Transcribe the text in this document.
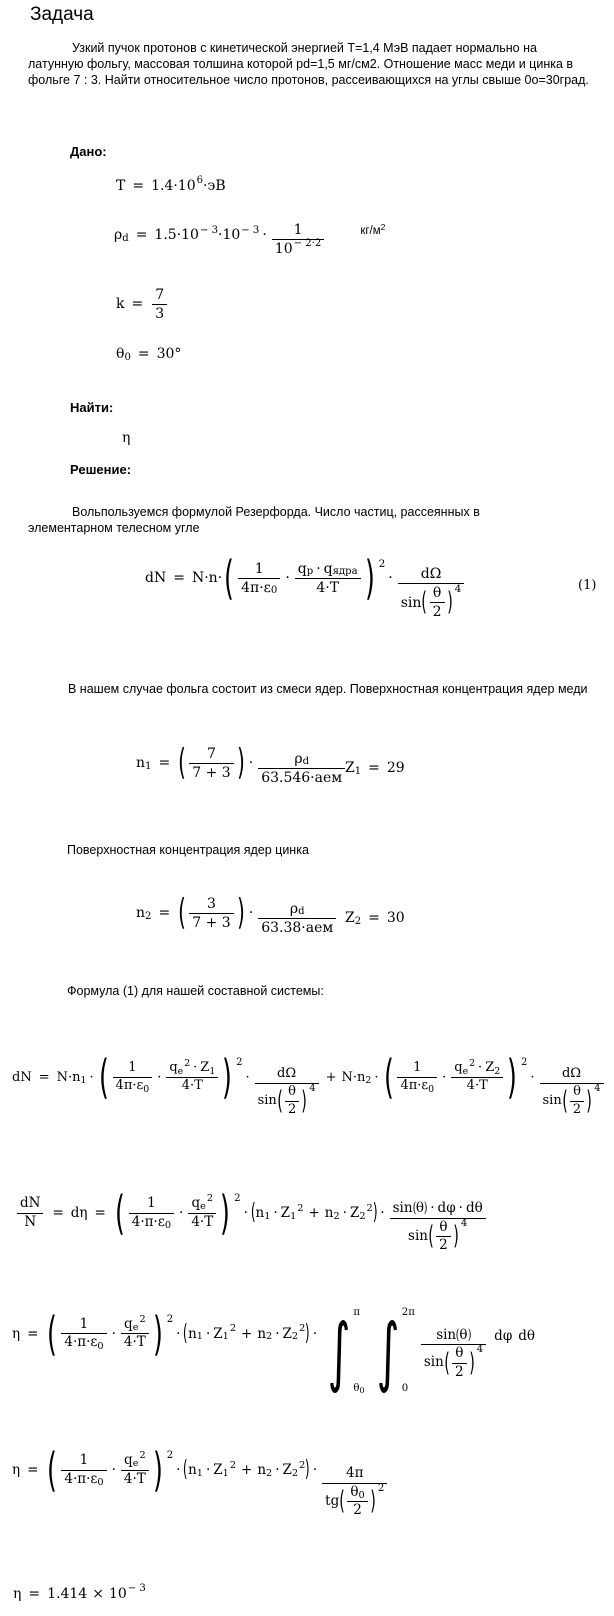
Задача

Узкий пучок протонов с кинетической энергией Т=1,4 МэВ падает нормально на латунную фольгу, массовая толшина которой pd=1,5 мг/см2. Отношение масс меди и цинка в фольге 7 : 3. Найти относительное число протонов, рассеивающихся на углы свыше 0о=30град.

Дано:
T = 1.4·10 6 ·эВ
ρ d = 1.5·10 − 3 ·10 − 3 · 1
10 − 2·2
$кг/м^2$
k =
7
3
θ 0 = 30°
Найти:
η
Решение:

Вольпользуемся формулой Резерфорда. Число частиц, рассеянных в элементарном телесном угле

dN = N·n· ( 1
4π·ε 0
·
q p · q ядра
4·T ) 2
· dΩ
sin ( θ
2 ) 4	(1)

В нашем случае фольга состоит из смеси ядер. Поверхностная концентрация ядер меди

n 1 = ( 7
7 + 3 ) ·	ρ d
63.546·аем
Z 1 = 29

Поверхностная концентрация ядер цинка

n 2 = ( 3
7 + 3 ) ·	ρ d
63.38·аем
Z 2 = 30

Формула (1) для нашей составной системы:

dN = N·n 1 · ( 1
4π·ε 0
·
q e
2 · Z 1
4·T ) 2
· dΩ
sin ( θ
2 ) 4
+ N·n 2 · ( 1
4π·ε 0
·
q e
2 · Z 2
4·T ) 2
· dΩ
sin ( θ
2 ) 4
dN
N
= dη = ( 1
4·π·ε 0
·
q e
2
4·T ) 2
· ( n 1 · Z 1
2 + n 2 · Z 2
2 ) · sin ( θ ) · dφ · dθ
sin ( θ
2 ) 4
η = ( 1
4·π·ε 0
·
q e
2
4·T ) 2
· ( n 1 · Z 1
2 + n 2 · Z 2
2 ) · ∫ π
θ0 ∫ 2π
0
sin ( θ )
sin ( θ
2 ) 4
dφ dθ
η = ( 1
4·π·ε 0
·
q e
2
4·T ) 2
· ( n 1 · Z 1
2 + n 2 · Z 2
2 ) · 4π
tg ( θ 0
2 ) 2
η = 1.414 × 10 − 3
